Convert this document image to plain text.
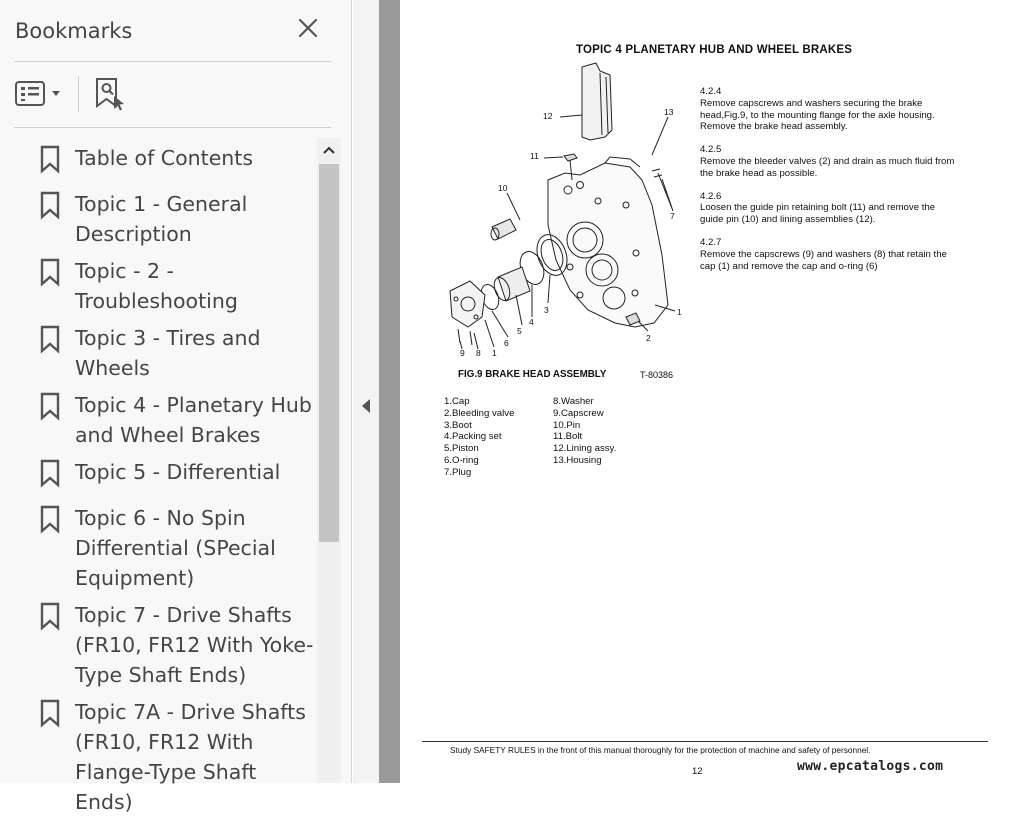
Bookmarks
Table of Contents
Topic 1 - General Description
Topic - 2 - Troubleshooting
Topic 3 - Tires and Wheels
Topic 4 - Planetary Hub and Wheel Brakes
Topic 5 - Differential
Topic 6 - No Spin Differential (SPecial Equipment)
Topic 7 - Drive Shafts (FR10, FR12 With Yoke-Type Shaft Ends)
Topic 7A - Drive Shafts (FR10, FR12 With Flange-Type Shaft Ends)
TOPIC 4 PLANETARY HUB AND WHEEL BRAKES
12	13
11
10
7
3
4
5
6
1
9 8
1
2
4.2.4
Remove capscrews and washers securing the brake head,Fig.9, to the mounting flange for the axle housing. Remove the brake head assembly.
4.2.5
Remove the bleeder valves (2) and drain as much fluid from the brake head as possible.
4.2.6
Loosen the guide pin retaining bolt (11) and remove the guide pin (10) and lining assemblies (12).
4.2.7
Remove the capscrews (9) and washers (8) that retain the cap (1) and remove the cap and o-ring (6)
FIG.9 BRAKE HEAD ASSEMBLY	T-80386
1.Cap
2.Bleeding valve
3.Boot
4.Packing set
5.Piston
6.O-ring
7.Plug
8.Washer
9.Capscrew
10.Pin
11.Bolt
12.Lining assy.
13.Housing
Study SAFETY RULES in the front of this manual thoroughly for the protection of machine and safety of personnel.
12	www.epcatalogs.com
